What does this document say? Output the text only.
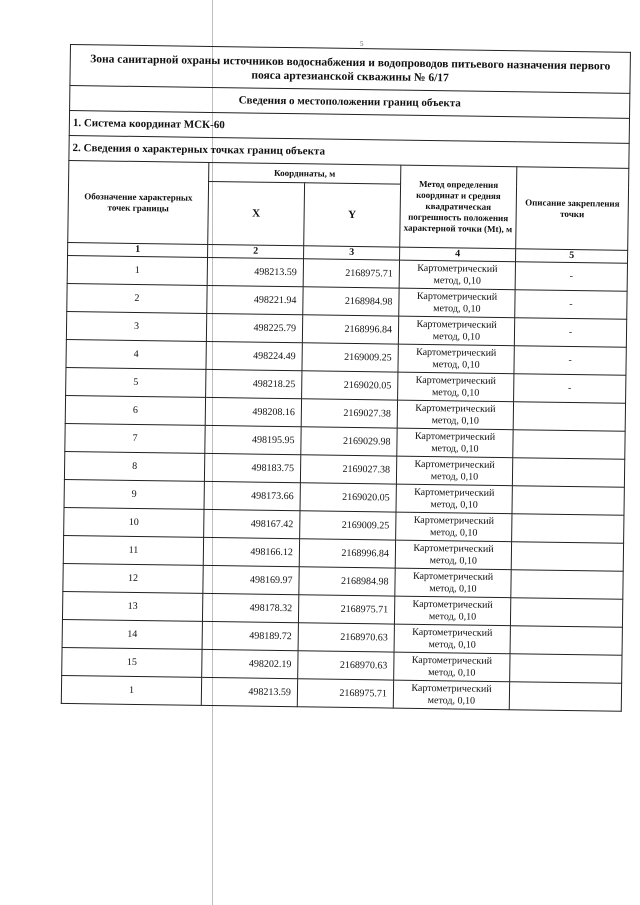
5
Зона санитарной охраны источников водоснабжения и водопроводов питьевого назначения первого пояса артезианской скважины № 6/17				
Сведения о местоположении границ объекта				
1. Система координат МСК-60				
2. Сведения о характерных точках границ объекта				
Обозначение характерных точек границы	Координаты, м		Метод определения координат и средняя квадратическая погрешность положения характерной точки (Mt), м	Описание закрепления точки
	X	Y		
1	2	3	4	5
1	498213.59	2168975.71	Картометрический метод, 0,10	-
2	498221.94	2168984.98	Картометрический метод, 0,10	-
3	498225.79	2168996.84	Картометрический метод, 0,10	-
4	498224.49	2169009.25	Картометрический метод, 0,10	-
5	498218.25	2169020.05	Картометрический метод, 0,10	-
6	498208.16	2169027.38	Картометрический метод, 0,10	
7	498195.95	2169029.98	Картометрический метод, 0,10	
8	498183.75	2169027.38	Картометрический метод, 0,10	
9	498173.66	2169020.05	Картометрический метод, 0,10	
10	498167.42	2169009.25	Картометрический метод, 0,10	
11	498166.12	2168996.84	Картометрический метод, 0,10	
12	498169.97	2168984.98	Картометрический метод, 0,10	
13	498178.32	2168975.71	Картометрический метод, 0,10	
14	498189.72	2168970.63	Картометрический метод, 0,10	
15	498202.19	2168970.63	Картометрический метод, 0,10	
1	498213.59	2168975.71	Картометрический метод, 0,10	
